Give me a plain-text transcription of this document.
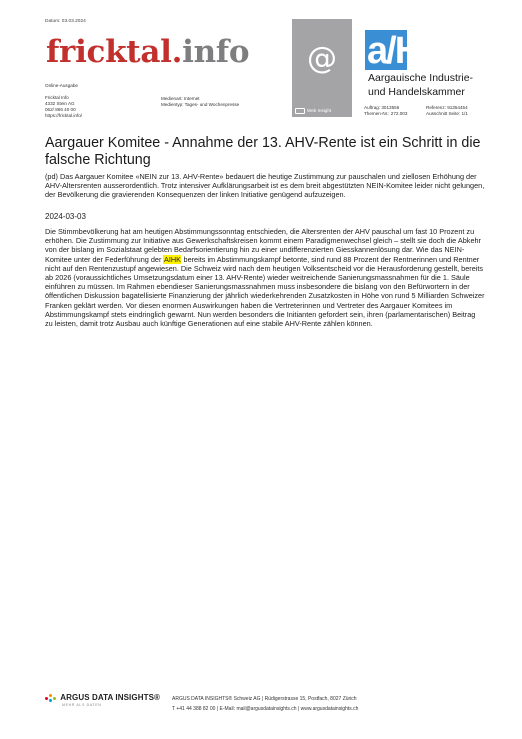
Datum: 03.03.2024
fricktal.info	@
Web Insight
a/HK
Aargauische Industrie-
und Handelskammer
Online-Ausgabe
Fricktal Info
4332 Stein AG
062/ 866 40 00
https://fricktal.info/
Medienart: Internet
Medientyp: Tages- und Wochenpresse
Auftrag: 3013556	Referenz: 91354454
Themen-Nr.: 272.003	Ausschnitt Seite: 1/1
Aargauer Komitee - Annahme der 13. AHV-Rente ist ein Schritt in die falsche Richtung
(pd) Das Aargauer Komitee «NEIN zur 13. AHV-Rente» bedauert die heutige Zustimmung zur pauschalen und ziellosen Erhöhung der AHV-Altersrenten ausserordentlich. Trotz intensiver Aufklärungsarbeit ist es dem breit abgestützten NEIN-Komitee leider nicht gelungen, der Bevölkerung die gravierenden Konsequenzen der linken Initiative genügend aufzuzeigen.
2024-03-03
Die Stimmbevölkerung hat am heutigen Abstimmungssonntag entschieden, die Altersrenten der AHV pauschal um fast 10 Prozent zu erhöhen. Die Zustimmung zur Initiative aus Gewerkschaftskreisen kommt einem Paradigmenwechsel gleich – stellt sie doch die Abkehr von der bislang im Sozialstaat gelebten Bedarfsorientierung hin zu einer undifferenzierten Giesskannenlösung dar. Wie das NEIN-Komitee unter der Federführung der AIHK bereits im Abstimmungskampf betonte, sind rund 88 Prozent der Rentnerinnen und Rentner nicht auf den Rentenzustupf angewiesen. Die Schweiz wird nach dem heutigen Volksentscheid vor die Herausforderung gestellt, bereits ab 2026 (voraussichtliches Umsetzungsdatum einer 13. AHV-Rente) wieder weitreichende Sanierungsmassnahmen für die 1. Säule einführen zu müssen. Im Rahmen ebendieser Sanierungsmassnahmen muss insbesondere die bislang von den Befürwortern in der öffentlichen Diskussion bagatellisierte Finanzierung der jährlich wiederkehrenden Zusatzkosten in Höhe von rund 5 Milliarden Schweizer Franken geklärt werden. Vor diesen enormen Auswirkungen haben die Vertreterinnen und Vertreter des Aargauer Komitees im Abstimmungskampf stets eindringlich gewarnt. Nun werden besonders die Initianten gefordert sein, ihren (parlamentarischen) Beitrag zu leisten, damit trotz Ausbau auch künftige Generationen auf eine stabile AHV-Rente zählen können.
ARGUS DATA INSIGHTS®
MEHR ALS DATEN
ARGUS DATA INSIGHTS® Schweiz AG | Rüdigerstrasse 15, Postfach, 8027 Zürich
T +41 44 388 82 00 | E-Mail: mail@argusdatainsights.ch | www.argusdatainsights.ch
